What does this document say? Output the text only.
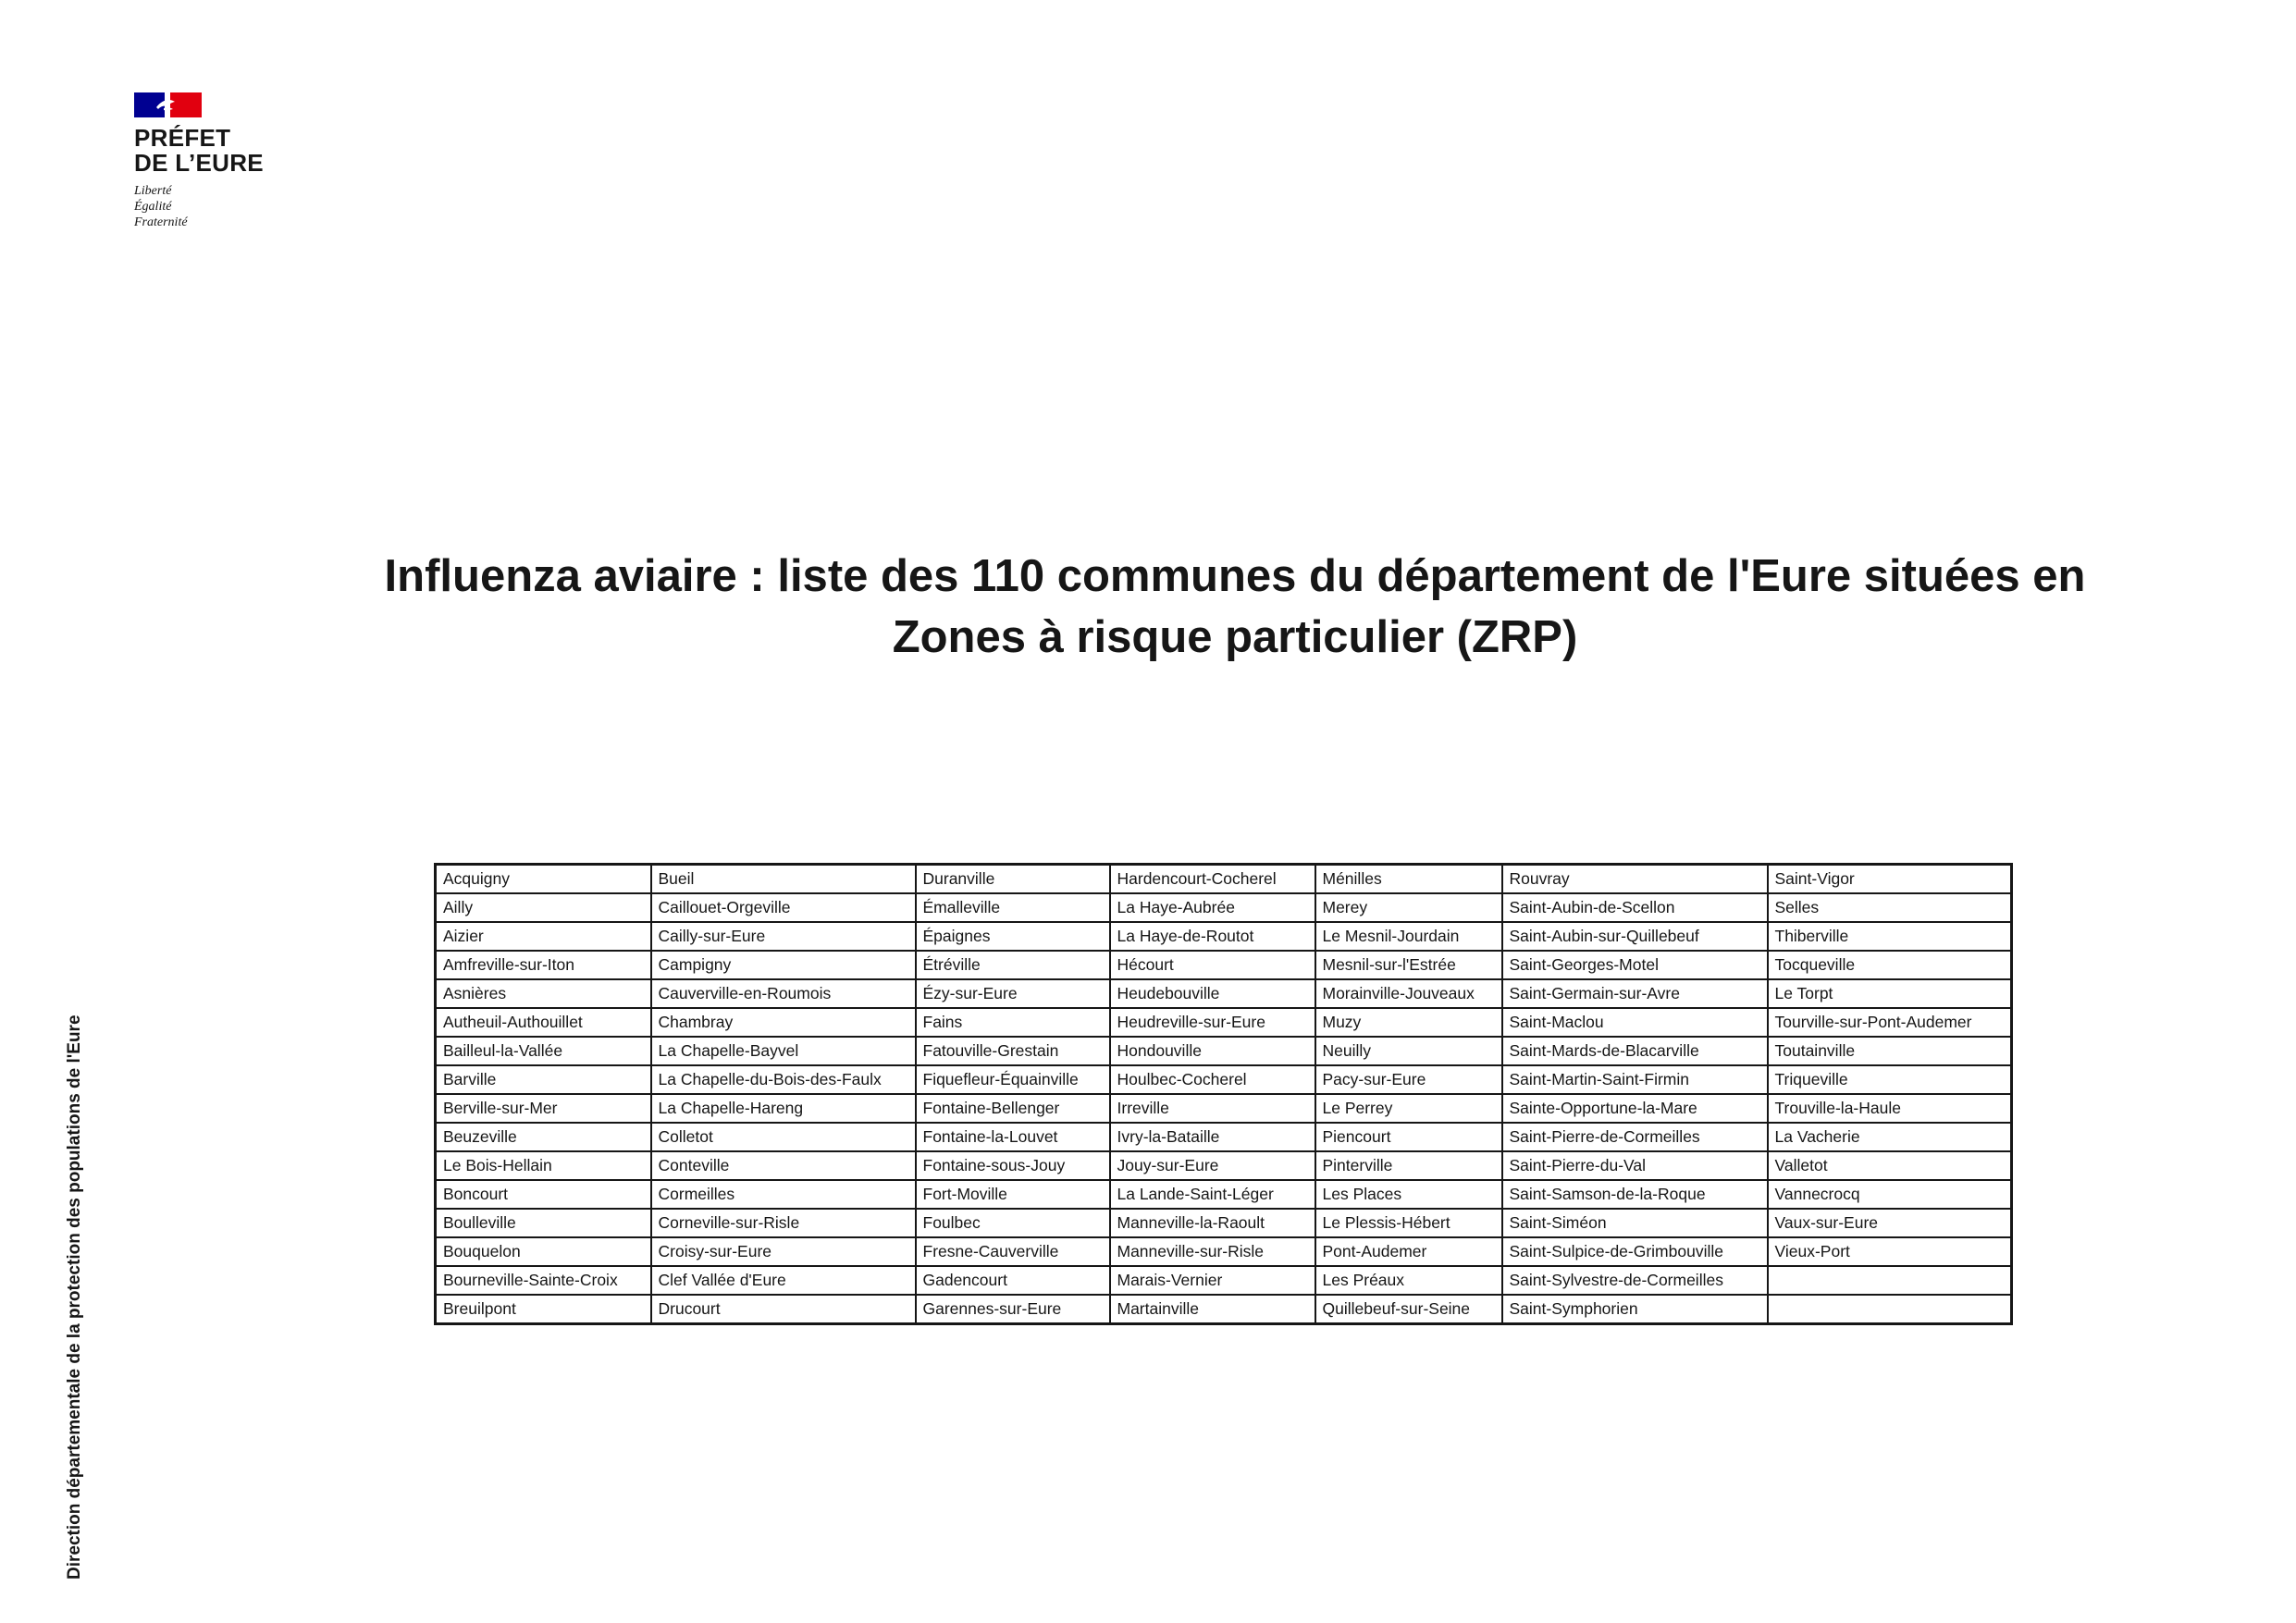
PRÉFET
DE L’EURE
Liberté
Égalité
Fraternité
Direction départementale de la protection des populations de l'Eure
Influenza aviaire : liste des 110 communes du département de l'Eure situées en
Zones à risque particulier (ZRP)
Acquigny	Bueil	Duranville	Hardencourt-Cocherel	Ménilles	Rouvray	Saint-Vigor
Ailly	Caillouet-Orgeville	Émalleville	La Haye-Aubrée	Merey	Saint-Aubin-de-Scellon	Selles
Aizier	Cailly-sur-Eure	Épaignes	La Haye-de-Routot	Le Mesnil-Jourdain	Saint-Aubin-sur-Quillebeuf	Thiberville
Amfreville-sur-Iton	Campigny	Étréville	Hécourt	Mesnil-sur-l'Estrée	Saint-Georges-Motel	Tocqueville
Asnières	Cauverville-en-Roumois	Ézy-sur-Eure	Heudebouville	Morainville-Jouveaux	Saint-Germain-sur-Avre	Le Torpt
Autheuil-Authouillet	Chambray	Fains	Heudreville-sur-Eure	Muzy	Saint-Maclou	Tourville-sur-Pont-Audemer
Bailleul-la-Vallée	La Chapelle-Bayvel	Fatouville-Grestain	Hondouville	Neuilly	Saint-Mards-de-Blacarville	Toutainville
Barville	La Chapelle-du-Bois-des-Faulx	Fiquefleur-Équainville	Houlbec-Cocherel	Pacy-sur-Eure	Saint-Martin-Saint-Firmin	Triqueville
Berville-sur-Mer	La Chapelle-Hareng	Fontaine-Bellenger	Irreville	Le Perrey	Sainte-Opportune-la-Mare	Trouville-la-Haule
Beuzeville	Colletot	Fontaine-la-Louvet	Ivry-la-Bataille	Piencourt	Saint-Pierre-de-Cormeilles	La Vacherie
Le Bois-Hellain	Conteville	Fontaine-sous-Jouy	Jouy-sur-Eure	Pinterville	Saint-Pierre-du-Val	Valletot
Boncourt	Cormeilles	Fort-Moville	La Lande-Saint-Léger	Les Places	Saint-Samson-de-la-Roque	Vannecrocq
Boulleville	Corneville-sur-Risle	Foulbec	Manneville-la-Raoult	Le Plessis-Hébert	Saint-Siméon	Vaux-sur-Eure
Bouquelon	Croisy-sur-Eure	Fresne-Cauverville	Manneville-sur-Risle	Pont-Audemer	Saint-Sulpice-de-Grimbouville	Vieux-Port
Bourneville-Sainte-Croix	Clef Vallée d'Eure	Gadencourt	Marais-Vernier	Les Préaux	Saint-Sylvestre-de-Cormeilles	
Breuilpont	Drucourt	Garennes-sur-Eure	Martainville	Quillebeuf-sur-Seine	Saint-Symphorien	
